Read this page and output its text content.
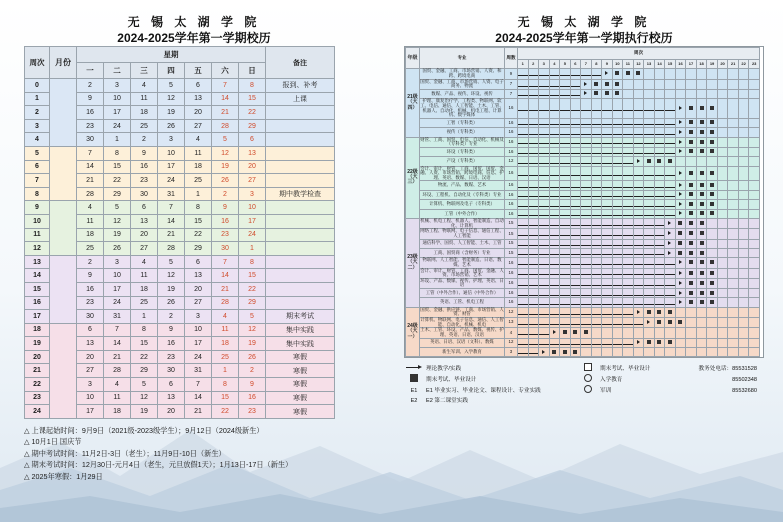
无 锡 太 湖 学 院
2024-2025学年第一学期校历
周次	月份	星期							备注
		一	二	三	四	五	六	日	
0		2	3	4	5	6	7	8	报到、补考
1		9	10	11	12	13	14	15	上课
2		16	17	18	19	20	21	22	
3		23	24	25	26	27	28	29	
4		30	1	2	3	4	5	6	
5		7	8	9	10	11	12	13	
6		14	15	16	17	18	19	20	
7		21	22	23	24	25	26	27	
8		28	29	30	31	1	2	3	期中教学检查
9		4	5	6	7	8	9	10	
10		11	12	13	14	15	16	17	
11		18	19	20	21	22	23	24	
12		25	26	27	28	29	30	1	
13		2	3	4	5	6	7	8	
14		9	10	11	12	13	14	15	
15		16	17	18	19	20	21	22	
16		23	24	25	26	27	28	29	
17		30	31	1	2	3	4	5	期末考试
18		6	7	8	9	10	11	12	集中实践
19		13	14	15	16	17	18	19	集中实践
20		20	21	22	23	24	25	26	寒假
21		27	28	29	30	31	1	2	寒假
22		3	4	5	6	7	8	9	寒假
23		10	11	12	13	14	15	16	寒假
24		17	18	19	20	21	22	23	寒假
△ 上课起始时间：9月9日（2021级-2023级学生）；9月12日（2024级新生）
△ 10月1日 国庆节
△ 期中考试时间：11月2日-3日（老生）；11月9日-10日（新生）
△ 期末考试时间：12月30日-元月4日（老生，元旦放假1天）；1月13日-17日（新生）
△ 2025年寒假：1月29日
无 锡 太 湖 学 院
2024-2025学年第一学期执行校历
年级	专业	周数	周次																						
			1	2	3	4	5	6	7	8	9	10	11	12	13	14	15	16	17	18	19	20	21	22	23
21级（大四）	国贸、金融、工商、市场营销、人资、和跨、跨境电商	9	

	国贸、金融、工商、市场营销、人资、电子商务、物流	7	

	数媒、产品、视传、环设、视传	7	

	护理、康复治疗学、工程类、物联网、软工、电信、通信、人工智能、土木、工管、机器人、自动化、机械、机电工程、计算机、数字媒体	16	

	工智（专科类）	16	

	视传（专科类）	16	

22级（大三）	财管、工商、国贸、电信、自动化、机械及（专科类）专业	16	

	环设（专科类）	16	

	产设（专科类）	12	

	会计、审计、财管、工商、国贸、国贸、金融、人资、市场营销、跨境电商、信息、护理、英语、数媒、日语、汉语	16	

	物流、产品、数媒、艺术	16	

	环设、工程机、自动化及（专科类）专业	16	

	计算机、物联网及电子（专科类）	16	

	工管（中外合作）	16	

23级（大二）	机械、机电工程、机器人、智能制造、自动化、计算机	15	

	网络工程、物联网、电子信息、通信工程、人工智能	15	

	通信科学、国贸、人工智能、土木、工管	15	

	工商、国贸商（含财务）专业	15	

	物联网、人工智能、智能制造、日语、数媒、艺术	16	

	会计、审计、财管、工商、国贸、金融、人资、市场营销、艺术	16	

	环设、产品、数媒、视传、护理、英语、日语	16	

	工管（中外合作）、通信（中外合作）	16	

	英语、工管、机电工程	16	

24级（大一）	国贸、金融、供应链、工商、市场营销、人资、财管	12	

	计算机、物联网、电子信息、通信、人工智能、自动化、机械、机电	13	

	土木、工管、环设、产品、数媒、视传、护理、英语、日语、汉语	4	

	英语、日语、汉语（文科）、数媒	12	

	新生军训、入学教育	3	

	理论教学/实践		期末考试、毕业设计	教务处电话：85531528
	期末考试、毕业设计		入学教育	85502348
E1	E1 毕业实习、毕业论文、课程设计、专业实践		军训	85532680
E2	E2 第二课堂实践			
